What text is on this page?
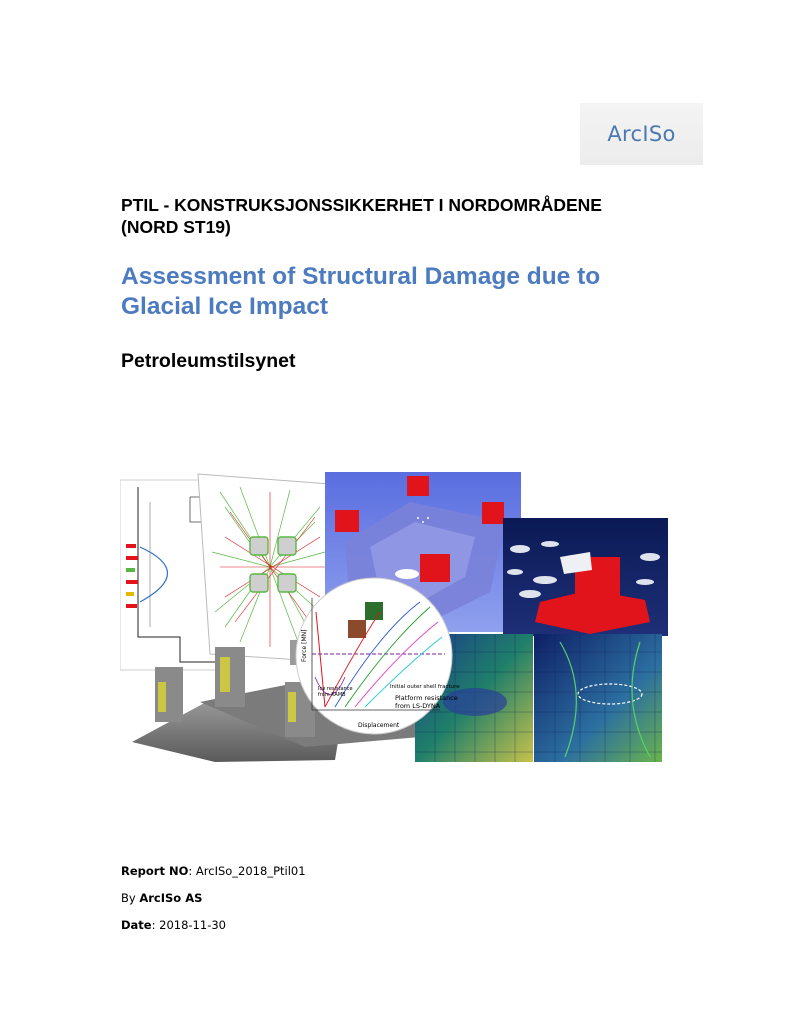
ArcISo
PTIL - KONSTRUKSJONSSIKKERHET I NORDOMRÅDENE
(NORD ST19)
Assessment of Structural Damage due to
Glacial Ice Impact
Petroleumstilsynet
Force [MN]
Displacement
Initial outer shell fracture
Ice resistance
from KAMB	Platform resistance
from LS-DYNA
Report NO: ArcISo_2018_Ptil01
By ArcISo AS
Date: 2018-11-30
